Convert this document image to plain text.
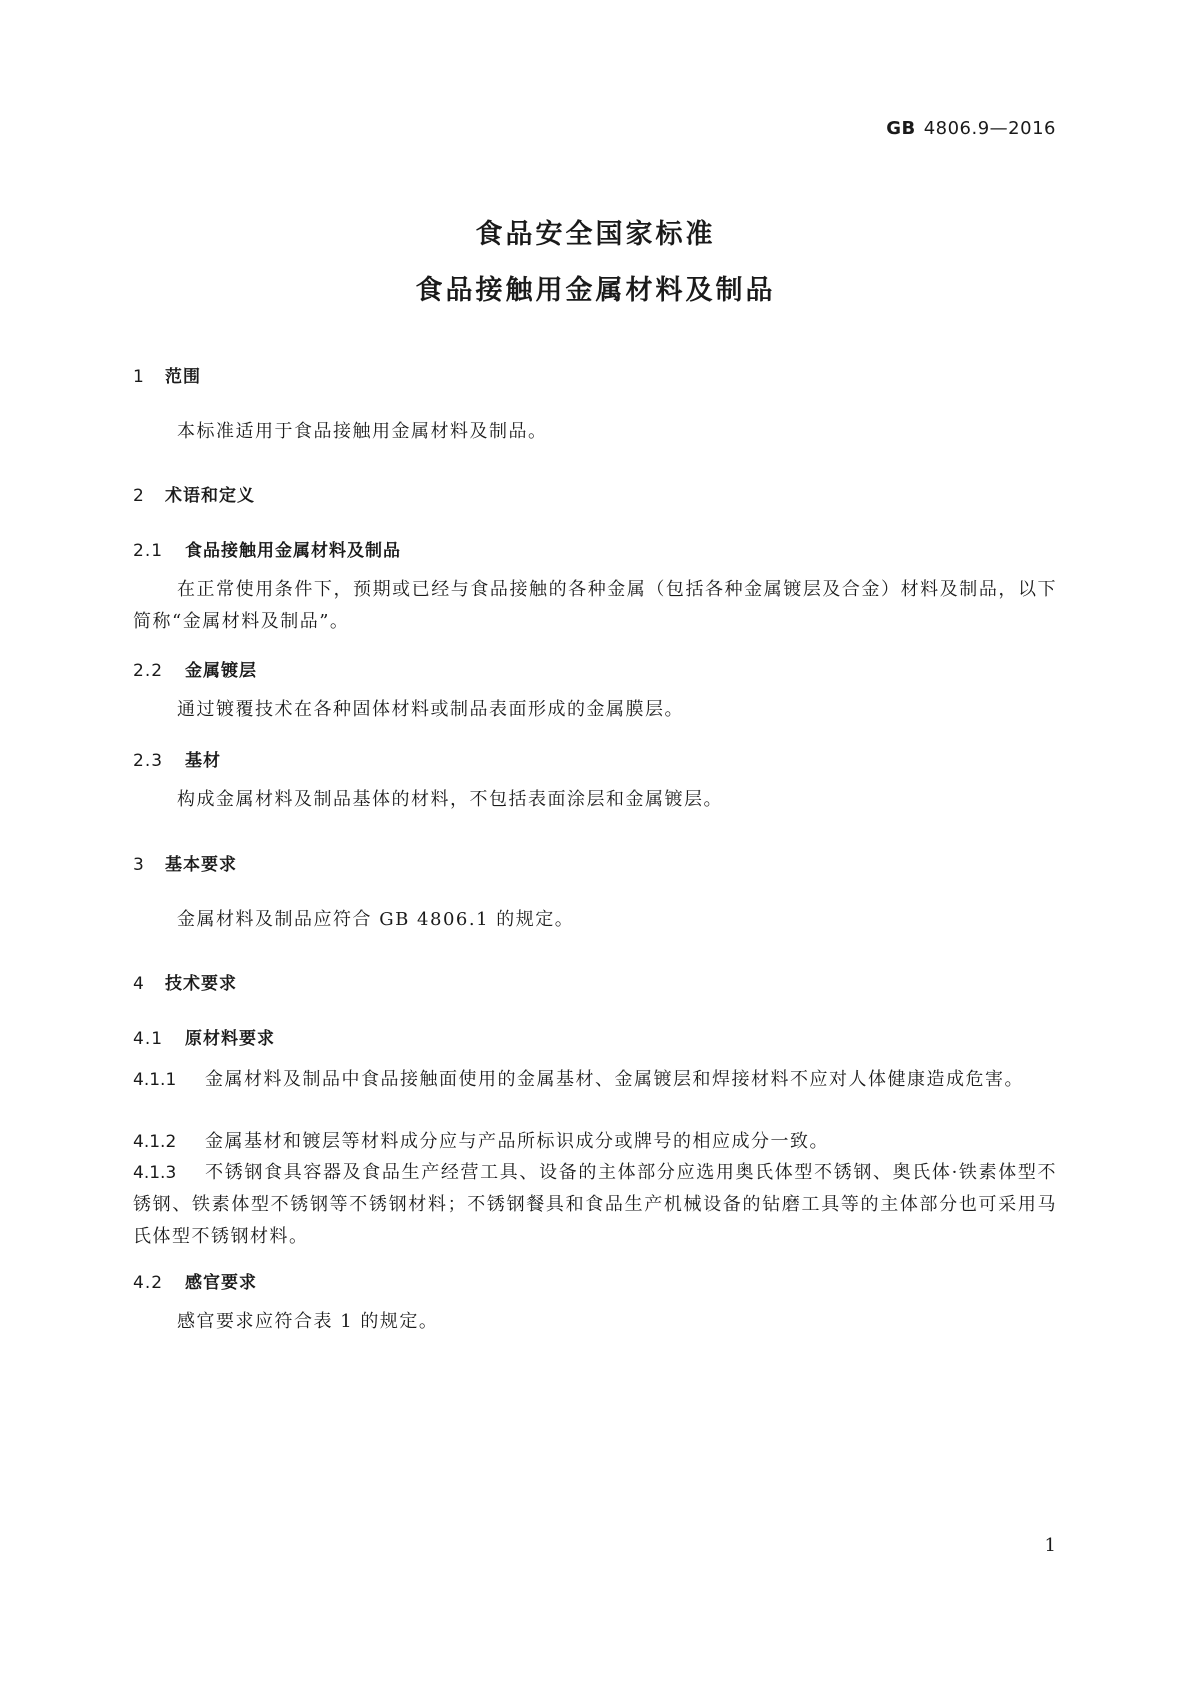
GB 4806.9—2016
食品安全国家标准
食品接触用金属材料及制品
1 范围
本标准适用于食品接触用金属材料及制品。
2 术语和定义
2.1 食品接触用金属材料及制品
在正常使用条件下，预期或已经与食品接触的各种金属（包括各种金属镀层及合金）材料及制品，以下简称“金属材料及制品”。
2.2 金属镀层
通过镀覆技术在各种固体材料或制品表面形成的金属膜层。
2.3 基材
构成金属材料及制品基体的材料，不包括表面涂层和金属镀层。
3 基本要求
金属材料及制品应符合 GB 4806.1 的规定。
4 技术要求
4.1 原材料要求
4.1.1 金属材料及制品中食品接触面使用的金属基材、金属镀层和焊接材料不应对人体健康造成危害。
4.1.2 金属基材和镀层等材料成分应与产品所标识成分或牌号的相应成分一致。
4.1.3 不锈钢食具容器及食品生产经营工具、设备的主体部分应选用奥氏体型不锈钢、奥氏体·铁素体型不锈钢、铁素体型不锈钢等不锈钢材料；不锈钢餐具和食品生产机械设备的钻磨工具等的主体部分也可采用马氏体型不锈钢材料。
4.2 感官要求
感官要求应符合表 1 的规定。
1
